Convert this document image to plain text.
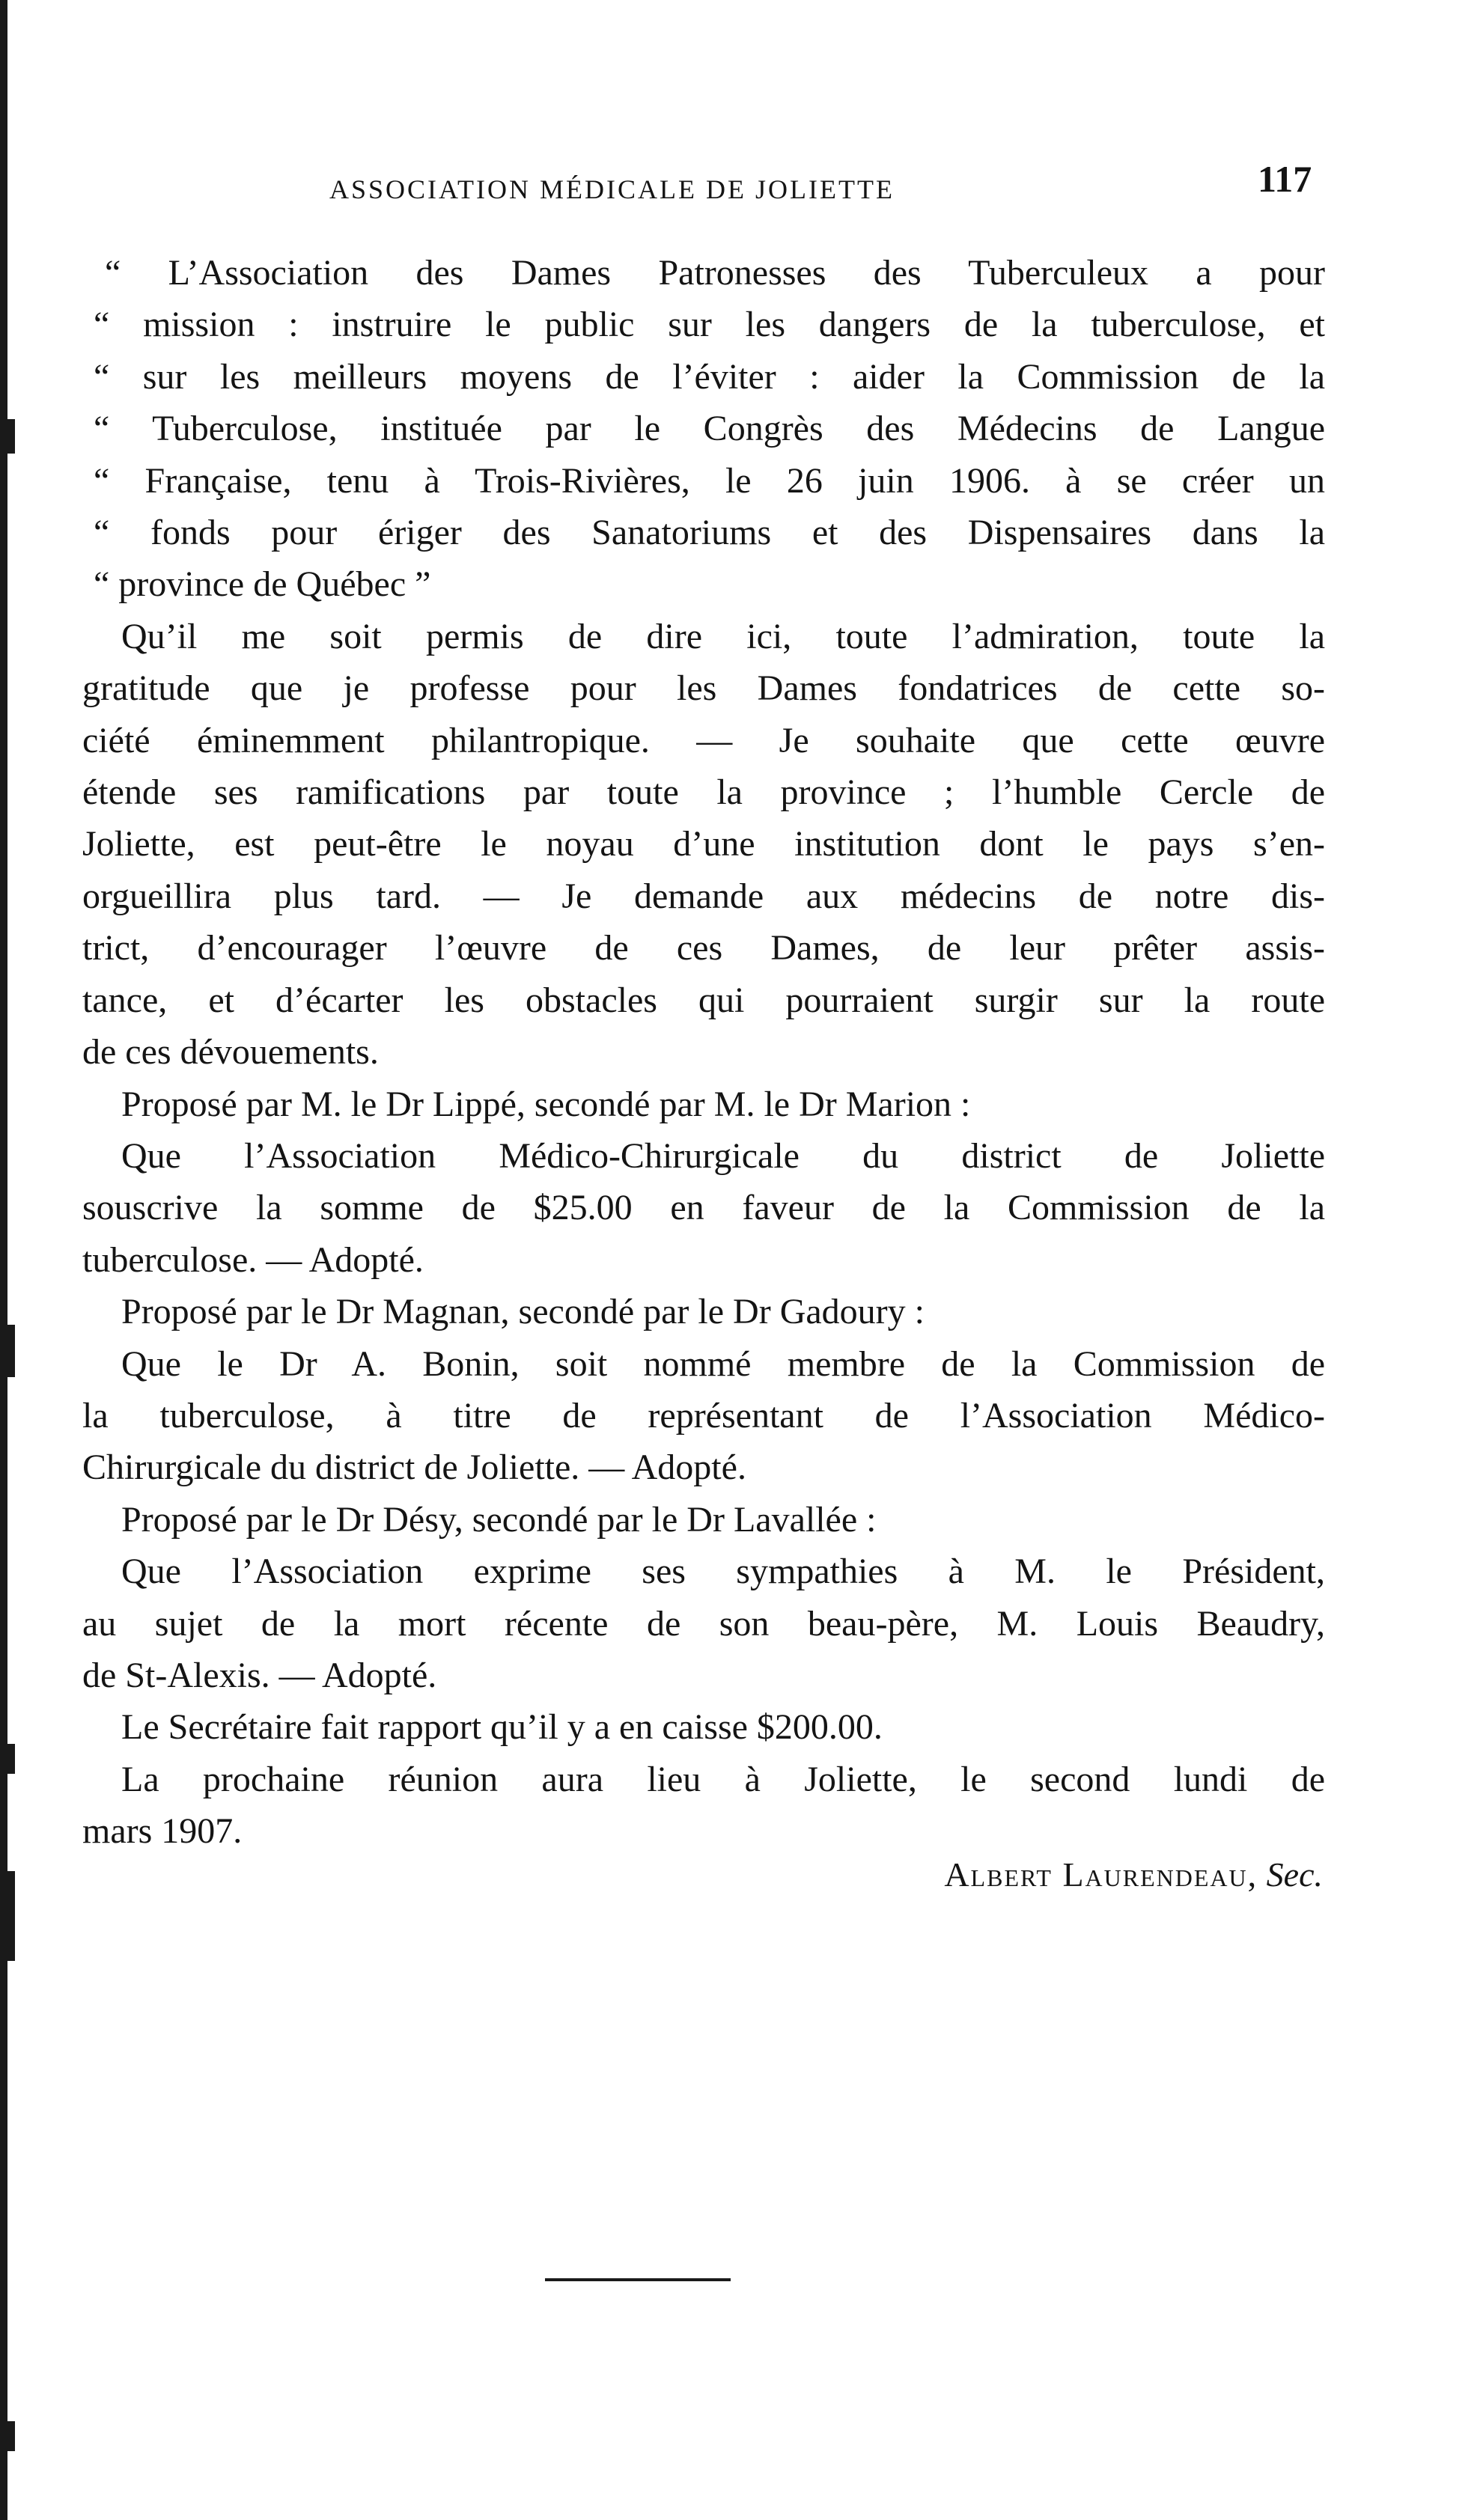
ASSOCIATION MÉDICALE DE JOLIETTE	117
“ L’Association des Dames Patronesses des Tuberculeux a pour
“ mission : instruire le public sur les dangers de la tuberculose, et
“ sur les meilleurs moyens de l’éviter : aider la Commission de la
“ Tuberculose, instituée par le Congrès des Médecins de Langue
“ Française, tenu à Trois-Rivières, le 26 juin 1906. à se créer un
“ fonds pour ériger des Sanatoriums et des Dispensaires dans la
“ province de Québec ”
Qu’il me soit permis de dire ici, toute l’admiration, toute la
gratitude que je professe pour les Dames fondatrices de cette so-
ciété éminemment philantropique. — Je souhaite que cette œuvre
étende ses ramifications par toute la province ; l’humble Cercle de
Joliette, est peut-être le noyau d’une institution dont le pays s’en-
orgueillira plus tard. — Je demande aux médecins de notre dis-
trict, d’encourager l’œuvre de ces Dames, de leur prêter assis-
tance, et d’écarter les obstacles qui pourraient surgir sur la route
de ces dévouements.
Proposé par M. le Dr Lippé, secondé par M. le Dr Marion :
Que l’Association Médico-Chirurgicale du district de Joliette
souscrive la somme de $25.00 en faveur de la Commission de la
tuberculose. — Adopté.
Proposé par le Dr Magnan, secondé par le Dr Gadoury :
Que le Dr A. Bonin, soit nommé membre de la Commission de
la tuberculose, à titre de représentant de l’Association Médico-
Chirurgicale du district de Joliette. — Adopté.
Proposé par le Dr Désy, secondé par le Dr Lavallée :
Que l’Association exprime ses sympathies à M. le Président,
au sujet de la mort récente de son beau-père, M. Louis Beaudry,
de St-Alexis. — Adopté.
Le Secrétaire fait rapport qu’il y a en caisse $200.00.
La prochaine réunion aura lieu à Joliette, le second lundi de
mars 1907.
Albert Laurendeau, Sec.
